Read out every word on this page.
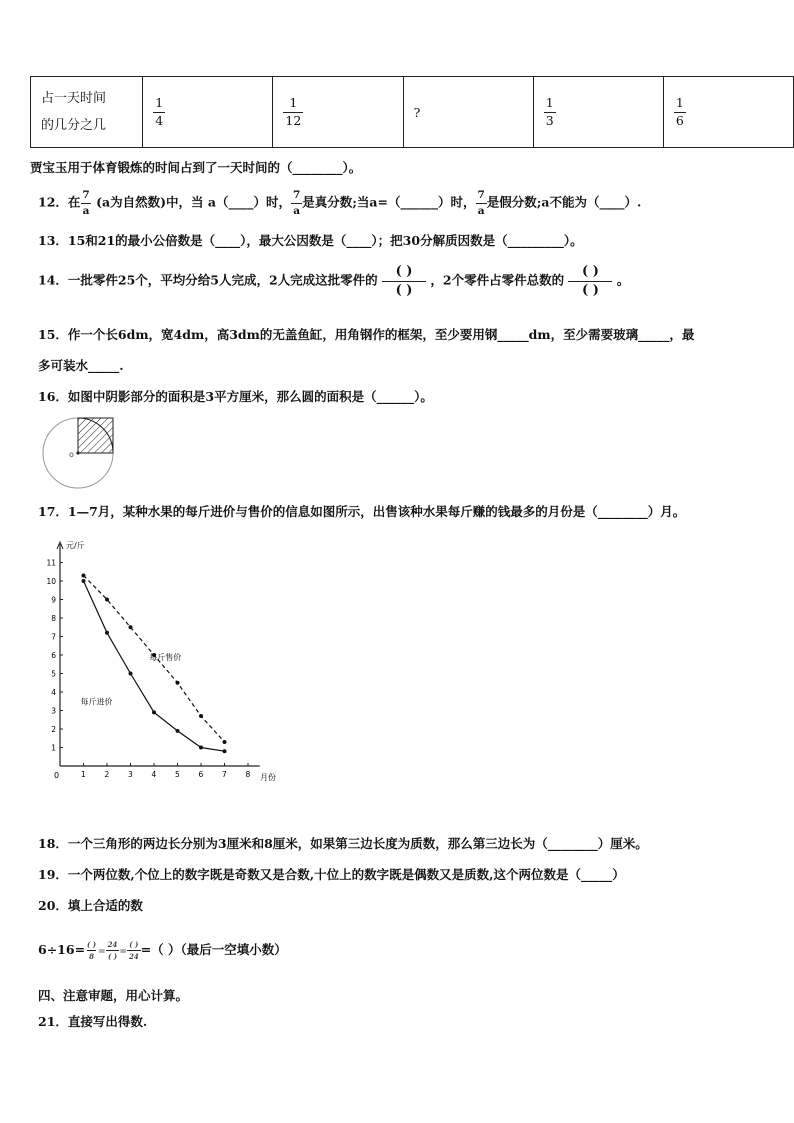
占一天时间
的几分之几	$\frac{1}{4}$	$\frac{1}{12}$	?	$\frac{1}{3}$	$\frac{1}{6}$
贾宝玉用于体育锻炼的时间占到了一天时间的（________）。
12．在 $\frac{7}{a} (a$为自然数)中，当 a（____）时， $\frac{7}{a}$ 是真分数;当a=（______）时， $\frac{7}{a}$ 是假分数;a不能为（____）.
13．15和21的最小公倍数是（____），最大公因数是（____）；把30分解质因数是（_________）。
14．一批零件25个，平均分给5人完成，2人完成这批零件的 $\frac{( )}{( )}$ ，2个零件占零件总数的 $\frac{( )}{( )}$ 。
15．作一个长6dm，宽4dm，高3dm的无盖鱼缸，用角钢作的框架，至少要用钢_____dm，至少需要玻璃_____，最
多可装水_____.
16．如图中阴影部分的面积是3平方厘米，那么圆的面积是（______）。
o
17．1—7月，某种水果的每斤进价与售价的信息如图所示，出售该种水果每斤赚的钱最多的月份是（________）月。
元/斤
月份
0	1 2 3 4 5 6 7 8
1
2
3
4
5
6
7
8
9
10
11
每斤售价
每斤进价
18．一个三角形的两边长分别为3厘米和8厘米，如果第三边长度为质数，那么第三边长为（________）厘米。
19．一个两位数,个位上的数字既是奇数又是合数,十位上的数字既是偶数又是质数,这个两位数是（_____）
20．填上合适的数
$6\div 16= \frac{( )}{8} = \frac{24}{( )} = \frac{( )}{24}$ =（ ）（最后一空填小数）
四、注意审题，用心计算。
21．直接写出得数.
